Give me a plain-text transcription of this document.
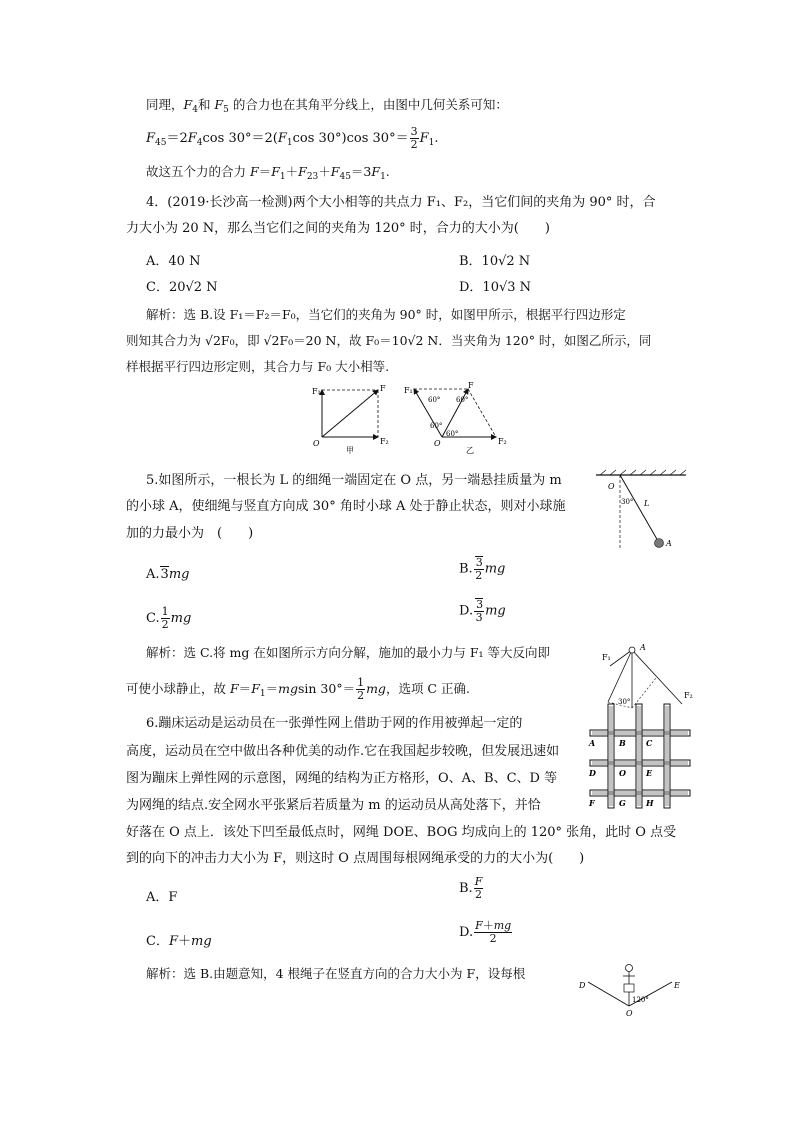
同理，$F_4$和 $F_5$ 的合力也在其角平分线上，由图中几何关系可知：
$F_{45}=2F_4\cos$ $30^\circ=2(F_1\cos$ 30°)cos $30^\circ= \frac{3}{2} F_1$.
故这五个力的合力 $F=F_1+F_{23}+F_{45}=3F_1$.
4．(2019·长沙高一检测)两个大小相等的共点力 F₁、F₂，当它们间的夹角为 90° 时，合
力大小为 20 N，那么当它们之间的夹角为 120° 时，合力的大小为(　　)
A．40 N	B．10√2 N
C．20√2 N	D．10√3 N
解析：选 B.设 F₁＝F₂＝F₀，当它们的夹角为 90° 时，如图甲所示，根据平行四边形定
则知其合力为 √2F₀，即 √2F₀＝20 N，故 F₀＝10√2 N．当夹角为 120° 时，如图乙所示，同
样根据平行四边形定则，其合力与 F₀ 大小相等.
F₁
F₂
F
O
甲
F₁
F₂
F
60° 60°
60°
60°
O
乙
5.如图所示，一根长为 L 的细绳一端固定在 O 点，另一端悬挂质量为 m
的小球 A，使细绳与竖直方向成 30° 角时小球 A 处于静止状态，则对小球施
加的力最小为　(　　)
O
30° L
A
A.3mg	B. $\frac{3}{2}$ mg
C. $\frac{1}{2}$ mg	D. $\frac{3}{3}$ mg
解析：选 C.将 mg 在如图所示方向分解，施加的最小力与 F₁ 等大反向即
可使小球静止，故 $F=F_1=mgsin$ $30^\circ= \frac{1}{2}$ mg，选项 C 正确.
A
F₁
F₂
30°
6.蹦床运动是运动员在一张弹性网上借助于网的作用被弹起一定的
高度，运动员在空中做出各种优美的动作.它在我国起步较晚，但发展迅速如
图为蹦床上弹性网的示意图，网绳的结构为正方格形，O、A、B、C、D 等
为网绳的结点.安全网水平张紧后若质量为 m 的运动员从高处落下，并恰
好落在 O 点上．该处下凹至最低点时，网绳 DOE、BOG 均成向上的 120° 张角，此时 O 点受
到的向下的冲击力大小为 F，则这时 O 点周围每根网绳承受的力的大小为(　　)
A	B	C
D	O	E
F	G	H
A．F
B. $\frac{F}{2}$
C．F＋mg
D. $\frac{F+mg}{2}$
解析：选 B.由题意知，4 根绳子在竖直方向的合力大小为 F，设每根
D	E
O
120°
